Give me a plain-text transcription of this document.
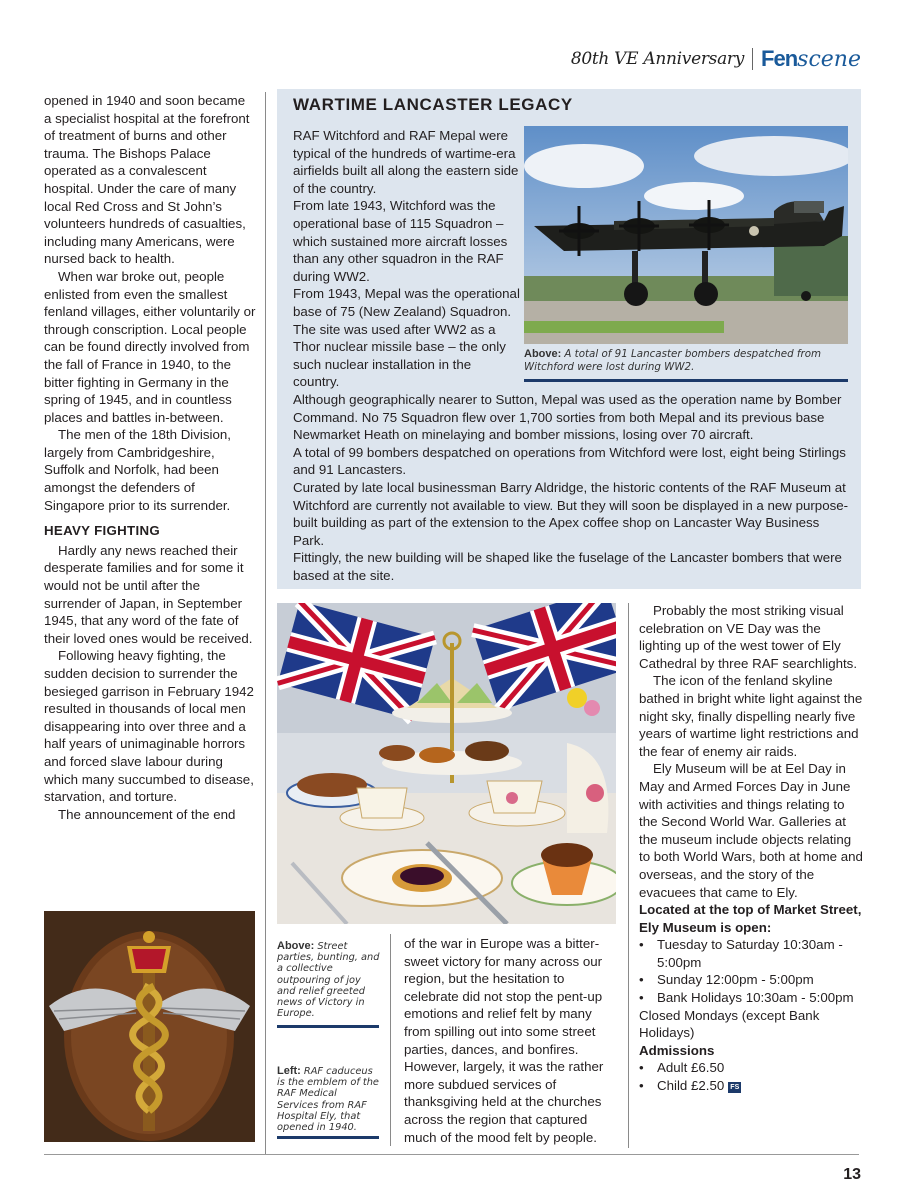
80th VE Anniversary Fenscene

opened in 1940 and soon became a specialist hospital at the forefront of treatment of burns and other trauma. The Bishops Palace operated as a convalescent hospital. Under the care of many local Red Cross and St John’s volunteers hundreds of casualties, including many Americans, were nursed back to health.

When war broke out, people enlisted from even the smallest fenland villages, either voluntarily or through conscription. Local people can be found directly involved from the fall of France in 1940, to the bitter fighting in Germany in the spring of 1945, and in countless places and battles in-between.

The men of the 18th Division, largely from Cambridgeshire, Suffolk and Norfolk, had been amongst the defenders of Singapore prior to its surrender.

HEAVY FIGHTING

Hardly any news reached their desperate families and for some it would not be until after the surrender of Japan, in September 1945, that any word of the fate of their loved ones would be received.

Following heavy fighting, the sudden decision to surrender the besieged garrison in February 1942 resulted in thousands of local men disappearing into over three and a half years of unimaginable horrors and forced slave labour during which many succumbed to disease, starvation, and torture.

The announcement of the end

WARTIME LANCASTER LEGACY

RAF Witchford and RAF Mepal were typical of the hundreds of wartime-era airfields built all along the eastern side of the country.

From late 1943, Witchford was the operational base of 115 Squadron – which sustained more aircraft losses than any other squadron in the RAF during WW2.

From 1943, Mepal was the operational base of 75 (New Zealand) Squadron. The site was used after WW2 as a Thor nuclear missile base – the only such nuclear installation in the country.

Above: A total of 91 Lancaster bombers despatched from Witchford were lost during WW2.

Although geographically nearer to Sutton, Mepal was used as the operation name by Bomber Command. No 75 Squadron flew over 1,700 sorties from both Mepal and its previous base Newmarket Heath on minelaying and bomber missions, losing over 70 aircraft.

A total of 99 bombers despatched on operations from Witchford were lost, eight being Stirlings and 91 Lancasters.

Curated by late local businessman Barry Aldridge, the historic contents of the RAF Museum at Witchford are currently not available to view. But they will soon be displayed in a new purpose-built building as part of the extension to the Apex coffee shop on Lancaster Way Business Park.

Fittingly, the new building will be shaped like the fuselage of the Lancaster bombers that were based at the site.

Above: Street parties, bunting, and a collective outpouring of joy and relief greeted news of Victory in Europe.
Left: RAF caduceus is the emblem of the RAF Medical Services from RAF Hospital Ely, that opened in 1940.

of the war in Europe was a bitter-sweet victory for many across our region, but the hesitation to celebrate did not stop the pent-up emotions and relief felt by many from spilling out into some street parties, dances, and bonfires. However, largely, it was the rather more subdued services of thanksgiving held at the churches across the region that captured much of the mood felt by people.

Probably the most striking visual celebration on VE Day was the lighting up of the west tower of Ely Cathedral by three RAF searchlights.

The icon of the fenland skyline bathed in bright white light against the night sky, finally dispelling nearly five years of wartime light restrictions and the fear of enemy air raids.

Ely Museum will be at Eel Day in May and Armed Forces Day in June with activities and things relating to the Second World War. Galleries at the museum include objects relating to both World Wars, both at home and overseas, and the story of the evacuees that came to Ely.

Located at the top of Market Street, Ely Museum is open:

• Tuesday to Saturday 10:30am - 5:00pm
• Sunday 12:00pm - 5:00pm
• Bank Holidays 10:30am - 5:00pm

Closed Mondays (except Bank Holidays)

Admissions

• Adult £6.50
• Child £2.50 FS
13
